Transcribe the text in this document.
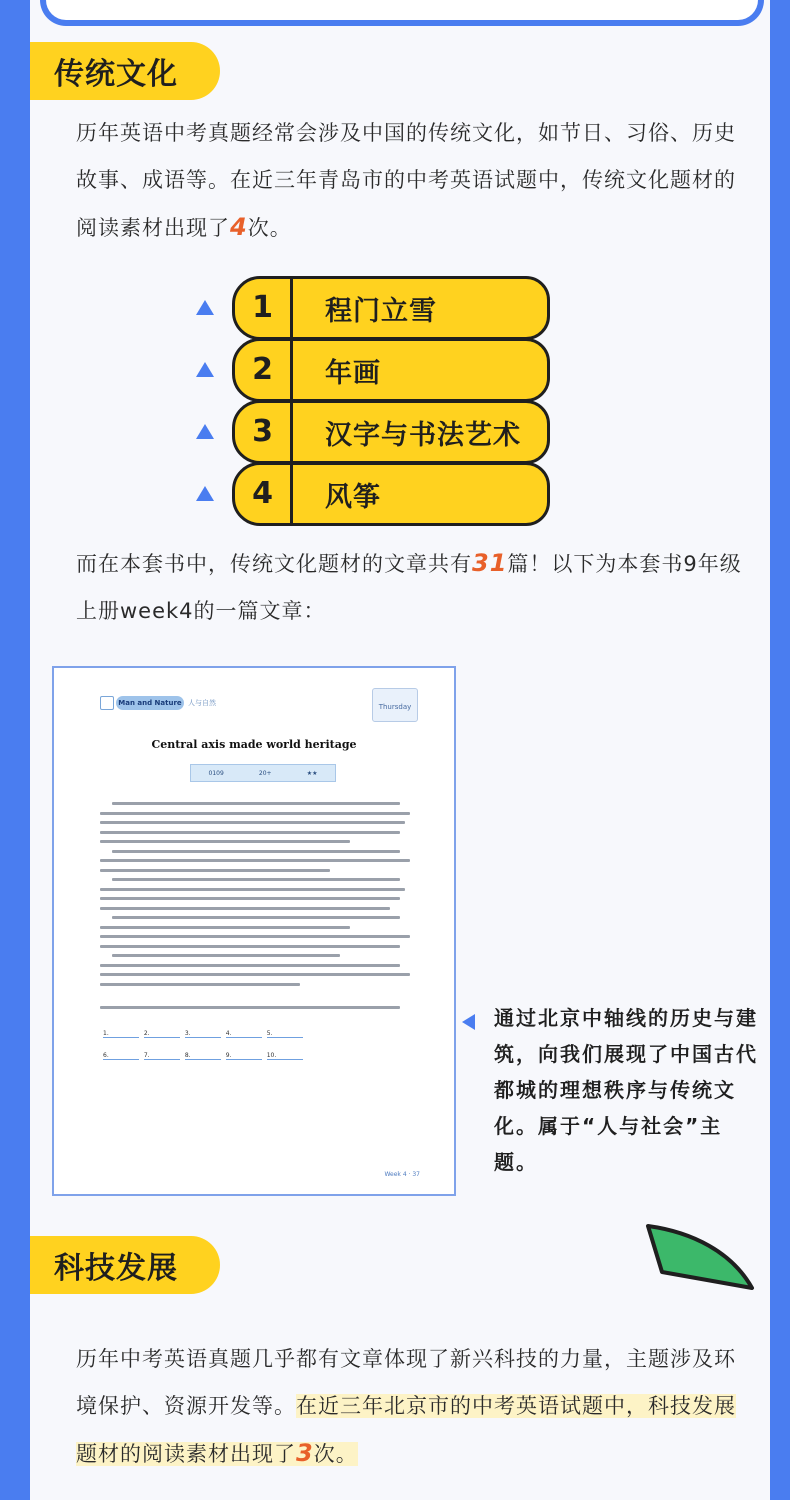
传统文化
历年英语中考真题经常会涉及中国的传统文化，如节日、习俗、历史故事、成语等。在近三年青岛市的中考英语试题中，传统文化题材的阅读素材出现了4次。
1	程门立雪
2	年画
3	汉字与书法艺术
4	风筝
而在本套书中，传统文化题材的文章共有31篇！以下为本套书9年级上册week4的一篇文章：
Man and Nature 人与自然	Thursday
Central axis made world heritage
0109	20+	★★
1.	2.	3.	4.	5.
6.	7.	8.	9.	10.
Week 4 · 37
通过北京中轴线的历史与建筑，向我们展现了中国古代都城的理想秩序与传统文化。属于“人与社会”主题。
科技发展
历年中考英语真题几乎都有文章体现了新兴科技的力量，主题涉及环境保护、资源开发等。在近三年北京市的中考英语试题中，科技发展题材的阅读素材出现了3次。
